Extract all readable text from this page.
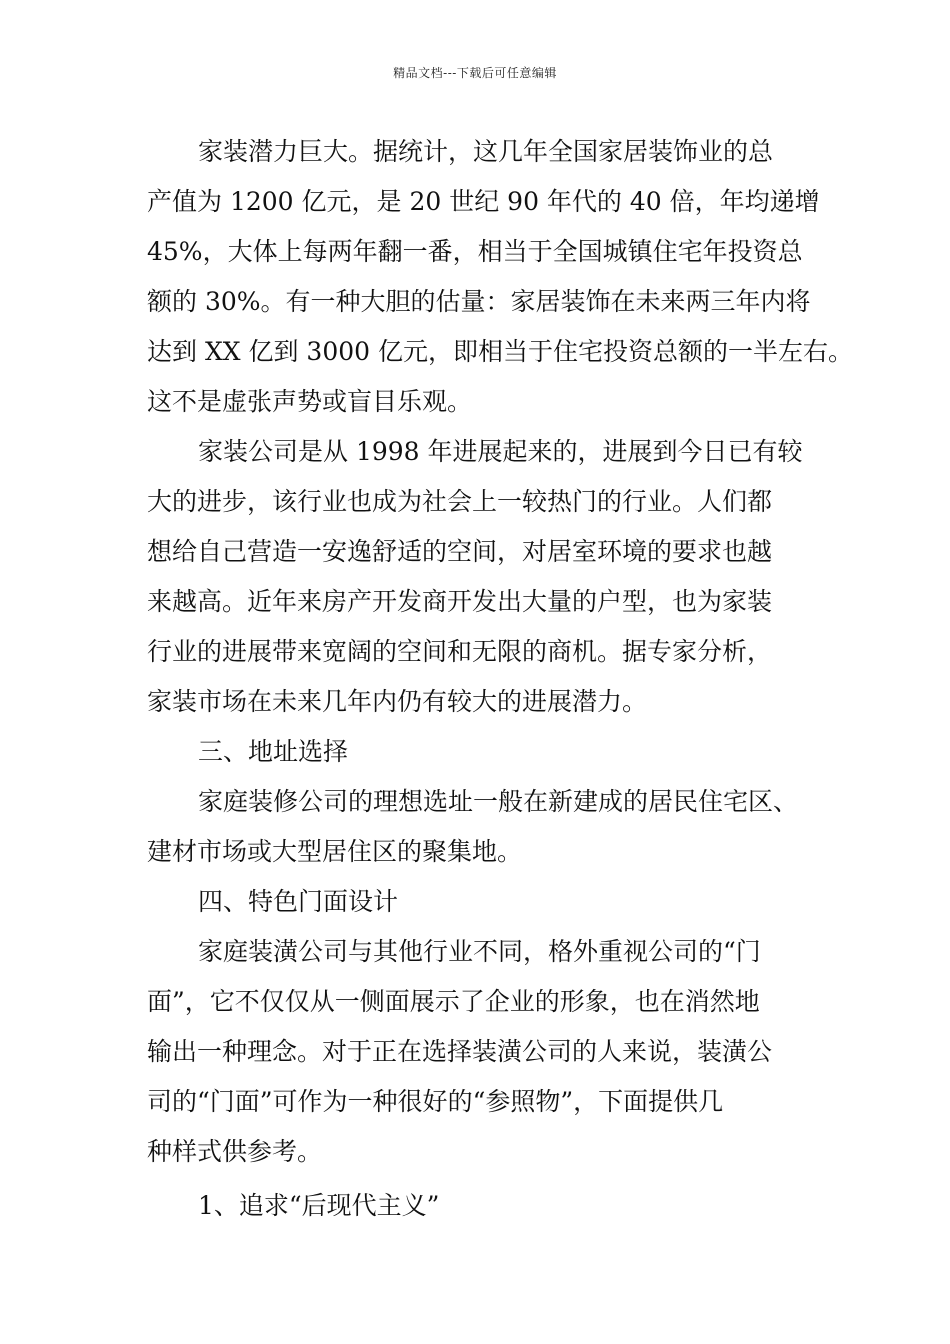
精品文档---下载后可任意编辑

家装潜力巨大。据统计，这几年全国家居装饰业的总
产值为 1200 亿元，是 20 世纪 90 年代的 40 倍，年均递增
45%，大体上每两年翻一番，相当于全国城镇住宅年投资总
额的 30%。有一种大胆的估量：家居装饰在未来两三年内将
达到 XX 亿到 3000 亿元，即相当于住宅投资总额的一半左右。
这不是虚张声势或盲目乐观。

家装公司是从 1998 年进展起来的，进展到今日已有较
大的进步，该行业也成为社会上一较热门的行业。人们都
想给自己营造一安逸舒适的空间，对居室环境的要求也越
来越高。近年来房产开发商开发出大量的户型，也为家装
行业的进展带来宽阔的空间和无限的商机。据专家分析，
家装市场在未来几年内仍有较大的进展潜力。

三、地址选择

家庭装修公司的理想选址一般在新建成的居民住宅区、
建材市场或大型居住区的聚集地。

四、特色门面设计

家庭装潢公司与其他行业不同，格外重视公司的“门
面”，它不仅仅从一侧面展示了企业的形象，也在消然地
输出一种理念。对于正在选择装潢公司的人来说，装潢公
司的“门面”可作为一种很好的“参照物”，下面提供几
种样式供参考。

1、追求“后现代主义”
